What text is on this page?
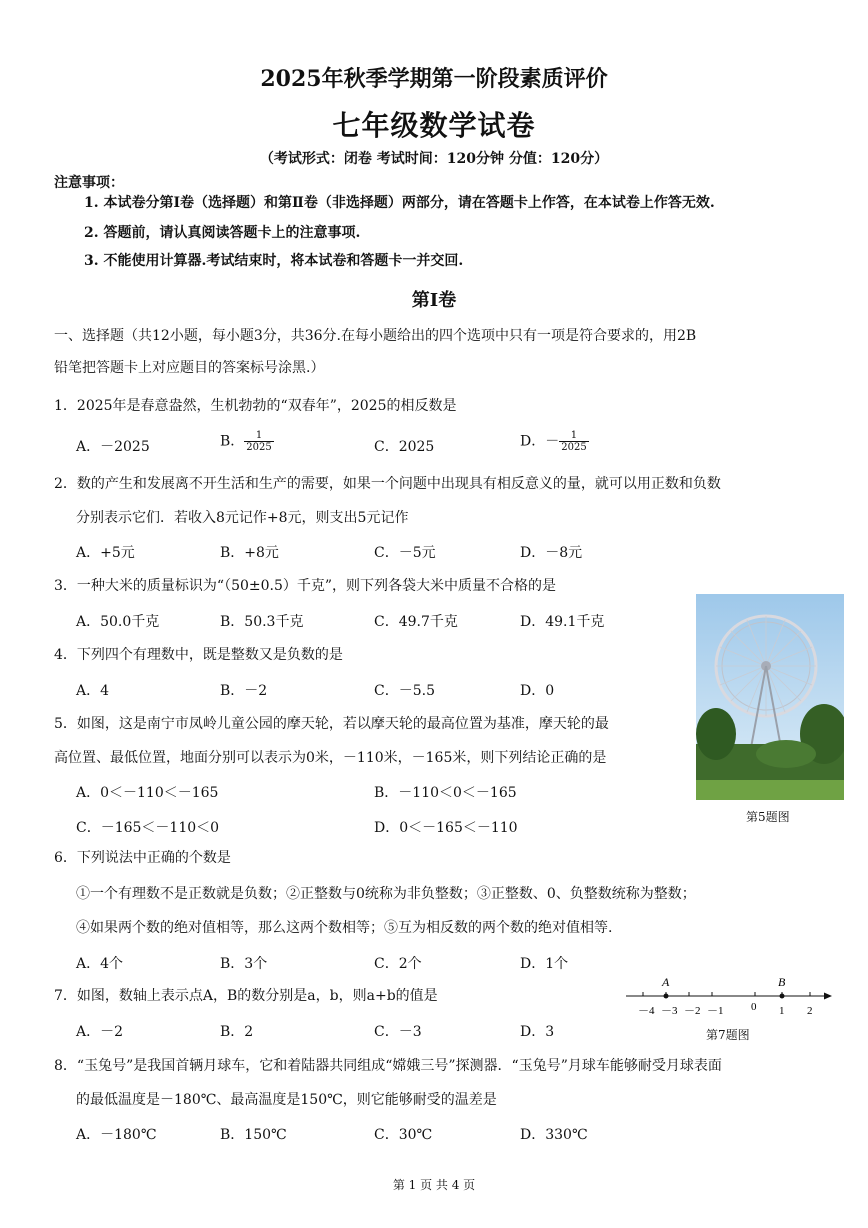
2025年秋季学期第一阶段素质评价
七年级数学试卷
（考试形式：闭卷 考试时间：120分钟 分值：120分）
注意事项：
1. 本试卷分第Ⅰ卷（选择题）和第Ⅱ卷（非选择题）两部分，请在答题卡上作答，在本试卷上作答无效.
2. 答题前，请认真阅读答题卡上的注意事项.
3. 不能使用计算器.考试结束时，将本试卷和答题卡一并交回.
第Ⅰ卷
一、选择题（共12小题，每小题3分，共36分.在每小题给出的四个选项中只有一项是符合要求的，用2B
铅笔把答题卡上对应题目的答案标号涂黑.）
1．2025年是春意盎然，生机勃勃的“双春年”，2025的相反数是
A．－2025	B． $\frac{1}{2025}$	C．2025	D．－ $\frac{1}{2025}$
2．数的产生和发展离不开生活和生产的需要，如果一个问题中出现具有相反意义的量，就可以用正数和负数
分别表示它们．若收入8元记作+8元，则支出5元记作
A．+5元	B．+8元	C．－5元	D．－8元
3．一种大米的质量标识为“（50±0.5）千克”，则下列各袋大米中质量不合格的是
A．50.0千克	B．50.3千克	C．49.7千克	D．49.1千克
第5题图
4．下列四个有理数中，既是整数又是负数的是
A．4	B．－2	C．－5.5	D．0
5．如图，这是南宁市凤岭儿童公园的摩天轮，若以摩天轮的最高位置为基准，摩天轮的最
高位置、最低位置，地面分别可以表示为0米，－110米，－165米，则下列结论正确的是
A．0＜－110＜－165	B．－110＜0＜－165
C．－165＜－110＜0	D．0＜－165＜－110
6．下列说法中正确的个数是
①一个有理数不是正数就是负数；②正整数与0统称为非负整数；③正整数、0、负整数统称为整数；
④如果两个数的绝对值相等，那么这两个数相等；⑤互为相反数的两个数的绝对值相等.
A．4个	B．3个	C．2个	D．1个
7．如图，数轴上表示点A，B的数分别是a，b，则a+b的值是
A．－2	B．2	C．－3	D．3
A	B
－4 －3 －2 －1	0 1 2
第7题图
8．“玉兔号”是我国首辆月球车，它和着陆器共同组成“嫦娥三号”探测器．“玉兔号”月球车能够耐受月球表面
的最低温度是－180℃、最高温度是150℃，则它能够耐受的温差是
A．－180℃	B．150℃	C．30℃	D．330℃
第 1 页 共 4 页
